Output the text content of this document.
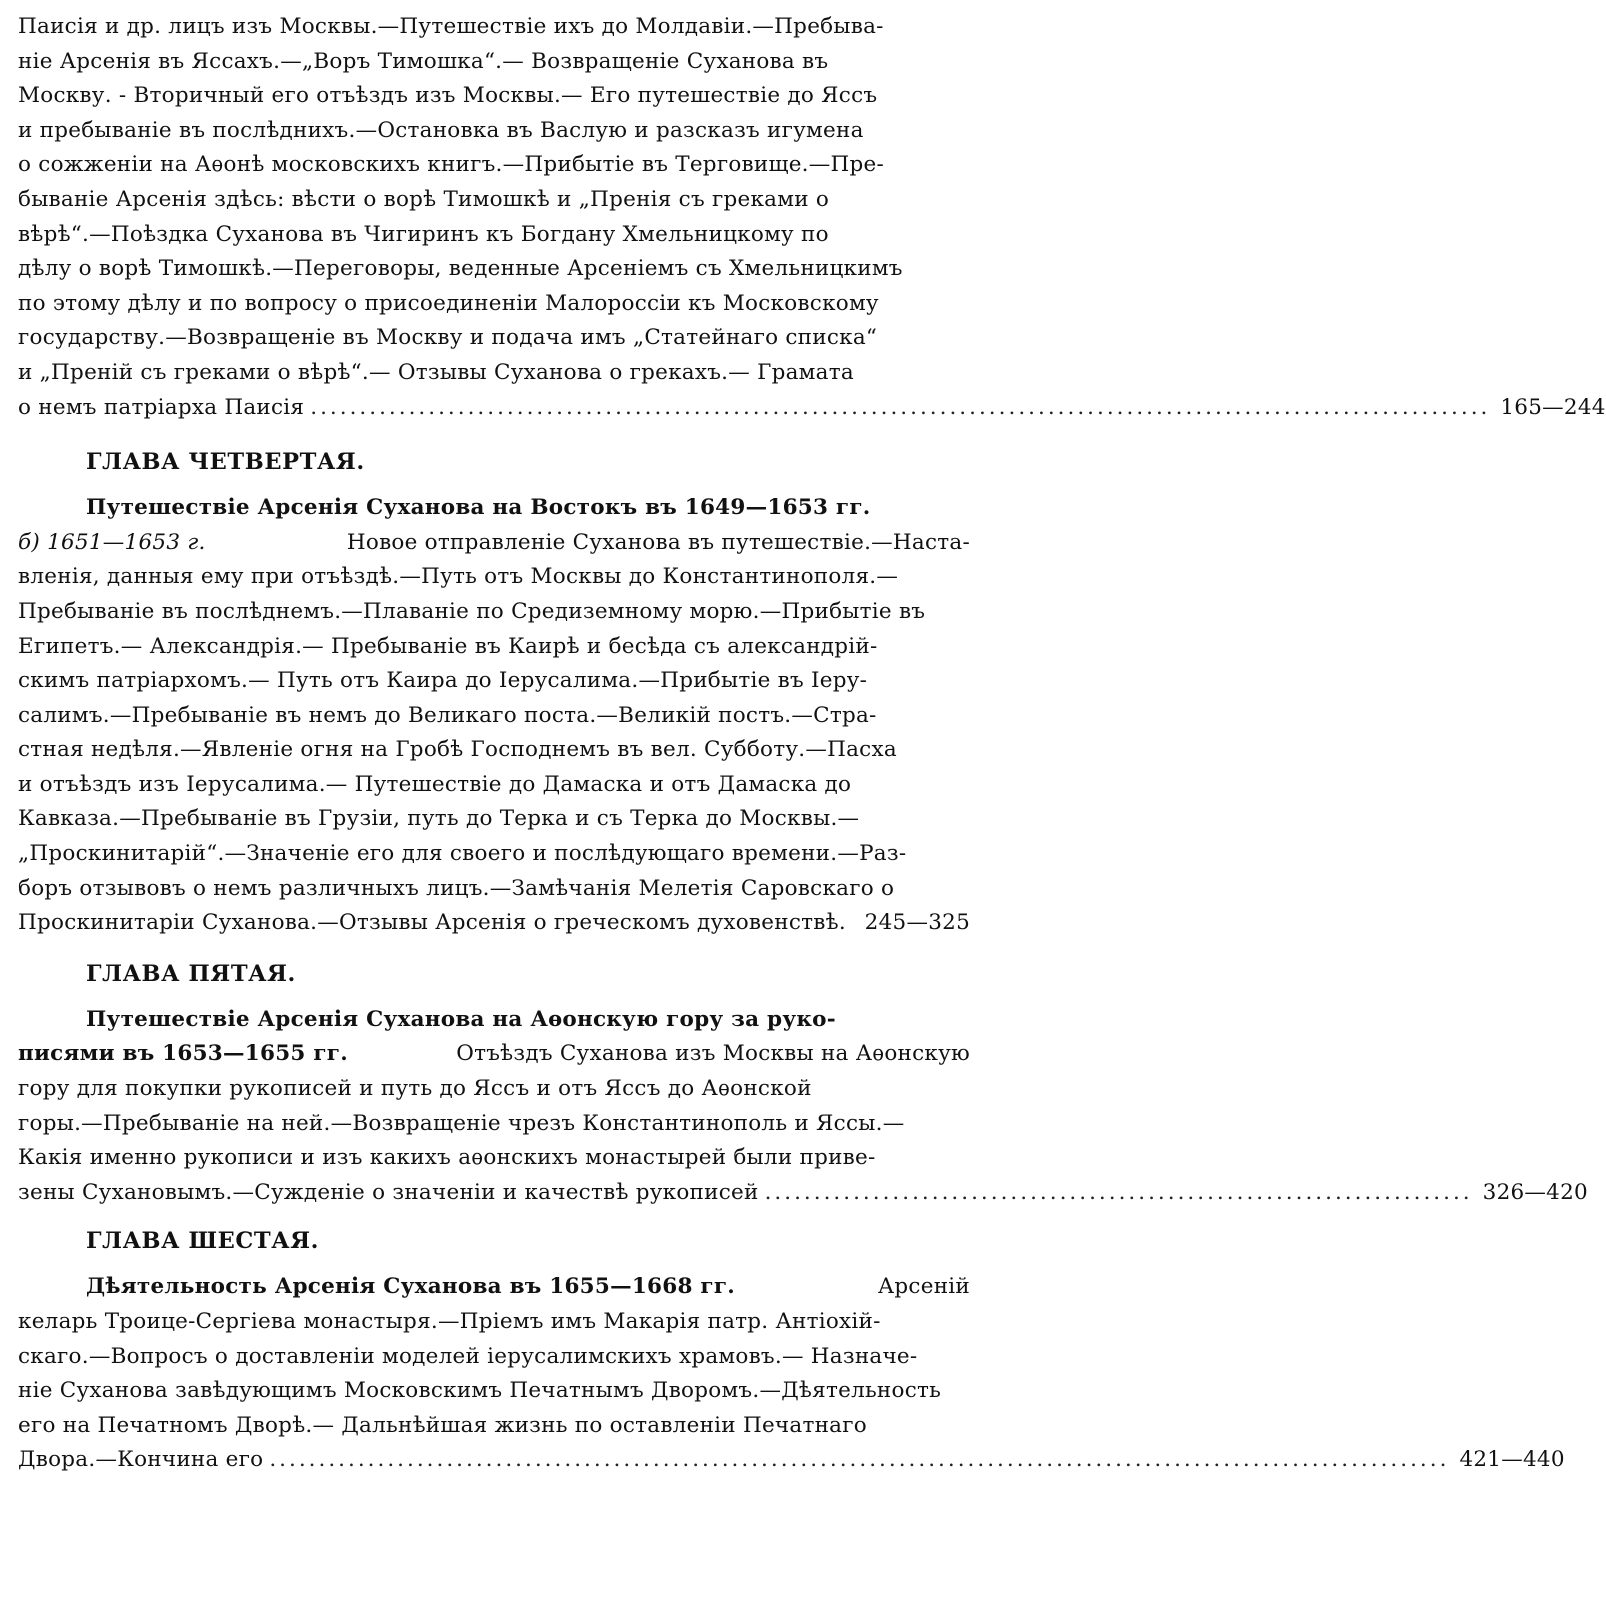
Паисія и др. лицъ изъ Москвы.—Путешествіе ихъ до Молдавіи.—Пребыва-
ніе Арсенія въ Яссахъ.—„Воръ Тимошка“.— Возвращеніе Суханова въ
Москву. - Вторичный его отъѣздъ изъ Москвы.— Его путешествіе до Яссъ
и пребываніе въ послѣднихъ.—Остановка въ Васлую и разсказъ игумена
о сожженіи на Аѳонѣ московскихъ книгъ.—Прибытіе въ Терговище.—Пре-
бываніе Арсенія здѣсь: вѣсти о ворѣ Тимошкѣ и „Пренія съ греками о
вѣрѣ“.—Поѣздка Суханова въ Чигиринъ къ Богдану Хмельницкому по
дѣлу о ворѣ Тимошкѣ.—Переговоры, веденные Арсеніемъ съ Хмельницкимъ
по этому дѣлу и по вопросу о присоединеніи Малороссіи къ Московскому
государству.—Возвращеніе въ Москву и подача имъ „Статейнаго списка“
и „Преній съ греками о вѣрѣ“.— Отзывы Суханова о грекахъ.— Грамата
о немъ патріарха Паисія ........................................................................................................................ 165—244
ГЛАВА ЧЕТВЕРТАЯ.
Путешествіе Арсенія Суханова на Востокъ въ 1649—1653 гг.
б) 1651—1653 г.	Новое отправленіе Суханова въ путешествіе.—Наста-
вленія, данныя ему при отъѣздѣ.—Путь отъ Москвы до Константинополя.—
Пребываніе въ послѣднемъ.—Плаваніе по Средиземному морю.—Прибытіе въ
Египетъ.— Александрія.— Пребываніе въ Каирѣ и бесѣда съ александрій-
скимъ патріархомъ.— Путь отъ Каира до Іерусалима.—Прибытіе въ Іеру-
салимъ.—Пребываніе въ немъ до Великаго поста.—Великій постъ.—Стра-
стная недѣля.—Явленіе огня на Гробѣ Господнемъ въ вел. Субботу.—Пасха
и отъѣздъ изъ Іерусалима.— Путешествіе до Дамаска и отъ Дамаска до
Кавказа.—Пребываніе въ Грузіи, путь до Терка и съ Терка до Москвы.—
„Проскинитарій“.—Значеніе его для своего и послѣдующаго времени.—Раз-
боръ отзывовъ о немъ различныхъ лицъ.—Замѣчанія Мелетія Саровскаго о
Проскинитаріи Суханова.—Отзывы Арсенія о греческомъ духовенствѣ. 245—325
ГЛАВА ПЯТАЯ.
Путешествіе Арсенія Суханова на Аѳонскую гору за руко-
писями въ 1653—1655 гг.	Отъѣздъ Суханова изъ Москвы на Аѳонскую
гору для покупки рукописей и путь до Яссъ и отъ Яссъ до Аѳонской
горы.—Пребываніе на ней.—Возвращеніе чрезъ Константинополь и Яссы.—
Какія именно рукописи и изъ какихъ аѳонскихъ монастырей были приве-
зены Сухановымъ.—Сужденіе о значеніи и качествѣ рукописей ........................................................................ 326—420
ГЛАВА ШЕСТАЯ.
Дѣятельность Арсенія Суханова въ 1655—1668 гг.	Арсеній
келарь Троице-Сергіева монастыря.—Пріемъ имъ Макарія патр. Антіохій-
скаго.—Вопросъ о доставленіи моделей іерусалимскихъ храмовъ.— Назначе-
ніе Суханова завѣдующимъ Московскимъ Печатнымъ Дворомъ.—Дѣятельность
его на Печатномъ Дворѣ.— Дальнѣйшая жизнь по оставленіи Печатнаго
Двора.—Кончина его ........................................................................................................................ 421—440
